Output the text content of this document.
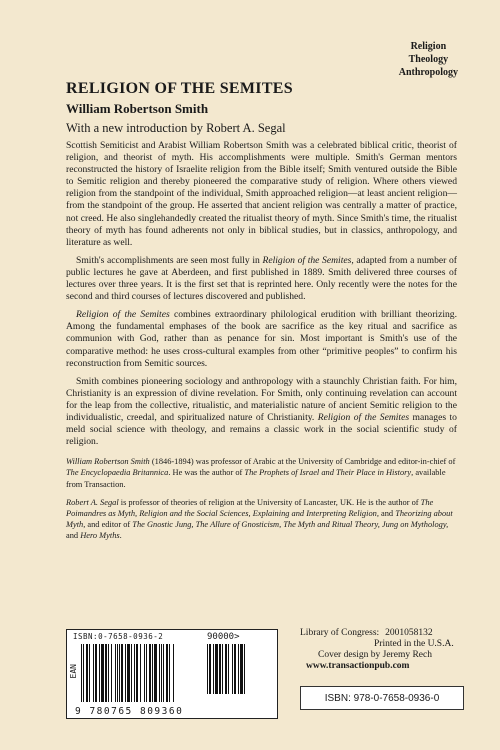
Religion
Theology
Anthropology
RELIGION OF THE SEMITES
William Robertson Smith
With a new introduction by Robert A. Segal

Scottish Semiticist and Arabist William Robertson Smith was a celebrated biblical critic, theorist of religion, and theorist of myth. His accomplishments were multiple. Smith's German mentors reconstructed the history of Israelite religion from the Bible itself; Smith ventured outside the Bible to Semitic religion and thereby pioneered the comparative study of religion. Where others viewed religion from the standpoint of the individual, Smith approached religion—at least ancient religion—from the standpoint of the group. He asserted that ancient religion was centrally a matter of practice, not creed. He also singlehandedly created the ritualist theory of myth. Since Smith's time, the ritualist theory of myth has found adherents not only in biblical studies, but in classics, anthropology, and literature as well.

Smith's accomplishments are seen most fully in Religion of the Semites, adapted from a number of public lectures he gave at Aberdeen, and first published in 1889. Smith delivered three courses of lectures over three years. It is the first set that is reprinted here. Only recently were the notes for the second and third courses of lectures discovered and published.

Religion of the Semites combines extraordinary philological erudition with brilliant theorizing. Among the fundamental emphases of the book are sacrifice as the key ritual and sacrifice as communion with God, rather than as penance for sin. Most important is Smith's use of the comparative method: he uses cross-cultural examples from other “primitive peoples” to confirm his reconstruction from Semitic sources.

Smith combines pioneering sociology and anthropology with a staunchly Christian faith. For him, Christianity is an expression of divine revelation. For Smith, only continuing revelation can account for the leap from the collective, ritualistic, and materialistic nature of ancient Semitic religion to the individualistic, creedal, and spiritualized nature of Christianity. Religion of the Semites manages to meld social science with theology, and remains a classic work in the social scientific study of religion.

William Robertson Smith (1846-1894) was professor of Arabic at the University of Cambridge and editor-in-chief of The Encyclopaedia Britannica. He was the author of The Prophets of Israel and Their Place in History, available from Transaction.

Robert A. Segal is professor of theories of religion at the University of Lancaster, UK. He is the author of The Poimandres as Myth, Religion and the Social Sciences, Explaining and Interpreting Religion, and Theorizing about Myth, and editor of The Gnostic Jung, The Allure of Gnosticism, The Myth and Ritual Theory, Jung on Mythology, and Hero Myths.

ISBN:0-7658-0936-2	90000>
EAN
9 780765 809360
Library of Congress: 2001058132
Printed in the U.S.A.
Cover design by Jeremy Rech
www.transactionpub.com
ISBN: 978-0-7658-0936-0
